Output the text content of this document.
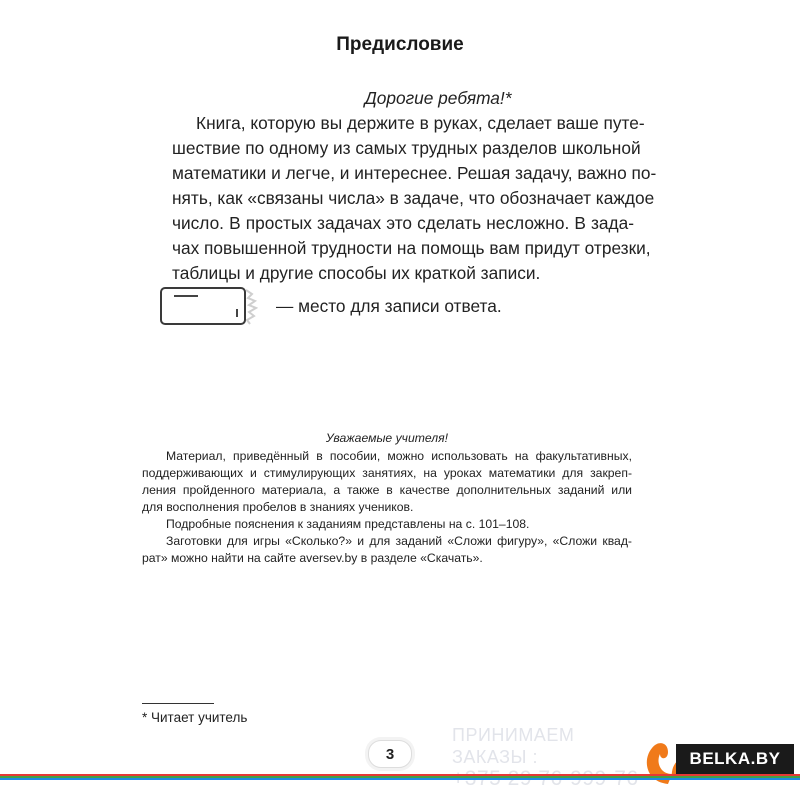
Предисловие
Дорогие ребята!*
Книга, которую вы держите в руках, сделает ваше путе-
шествие по одному из самых трудных разделов школьной
математики и легче, и интереснее. Решая задачу, важно по-
нять, как «связаны числа» в задаче, что обозначает каждое
число. В простых задачах это сделать несложно. В зада-
чах повышенной трудности на помощь вам придут отрезки,
таблицы и другие способы их краткой записи.
— место для записи ответа.
Уважаемые учителя!
Материал, приведённый в пособии, можно использовать на факультативных,
поддерживающих и стимулирующих занятиях, на уроках математики для закреп-
ления пройденного материала, а также в качестве дополнительных заданий или
для восполнения пробелов в знаниях учеников.
Подробные пояснения к заданиям представлены на с. 101–108.
Заготовки для игры «Сколько?» и для заданий «Сложи фигуру», «Сложи квад-
рат» можно найти на сайте aversev.by в разделе «Скачать».
* Читает учитель
3
ПРИНИМАЕМ ЗАКАЗЫ :	BELKA.BY
